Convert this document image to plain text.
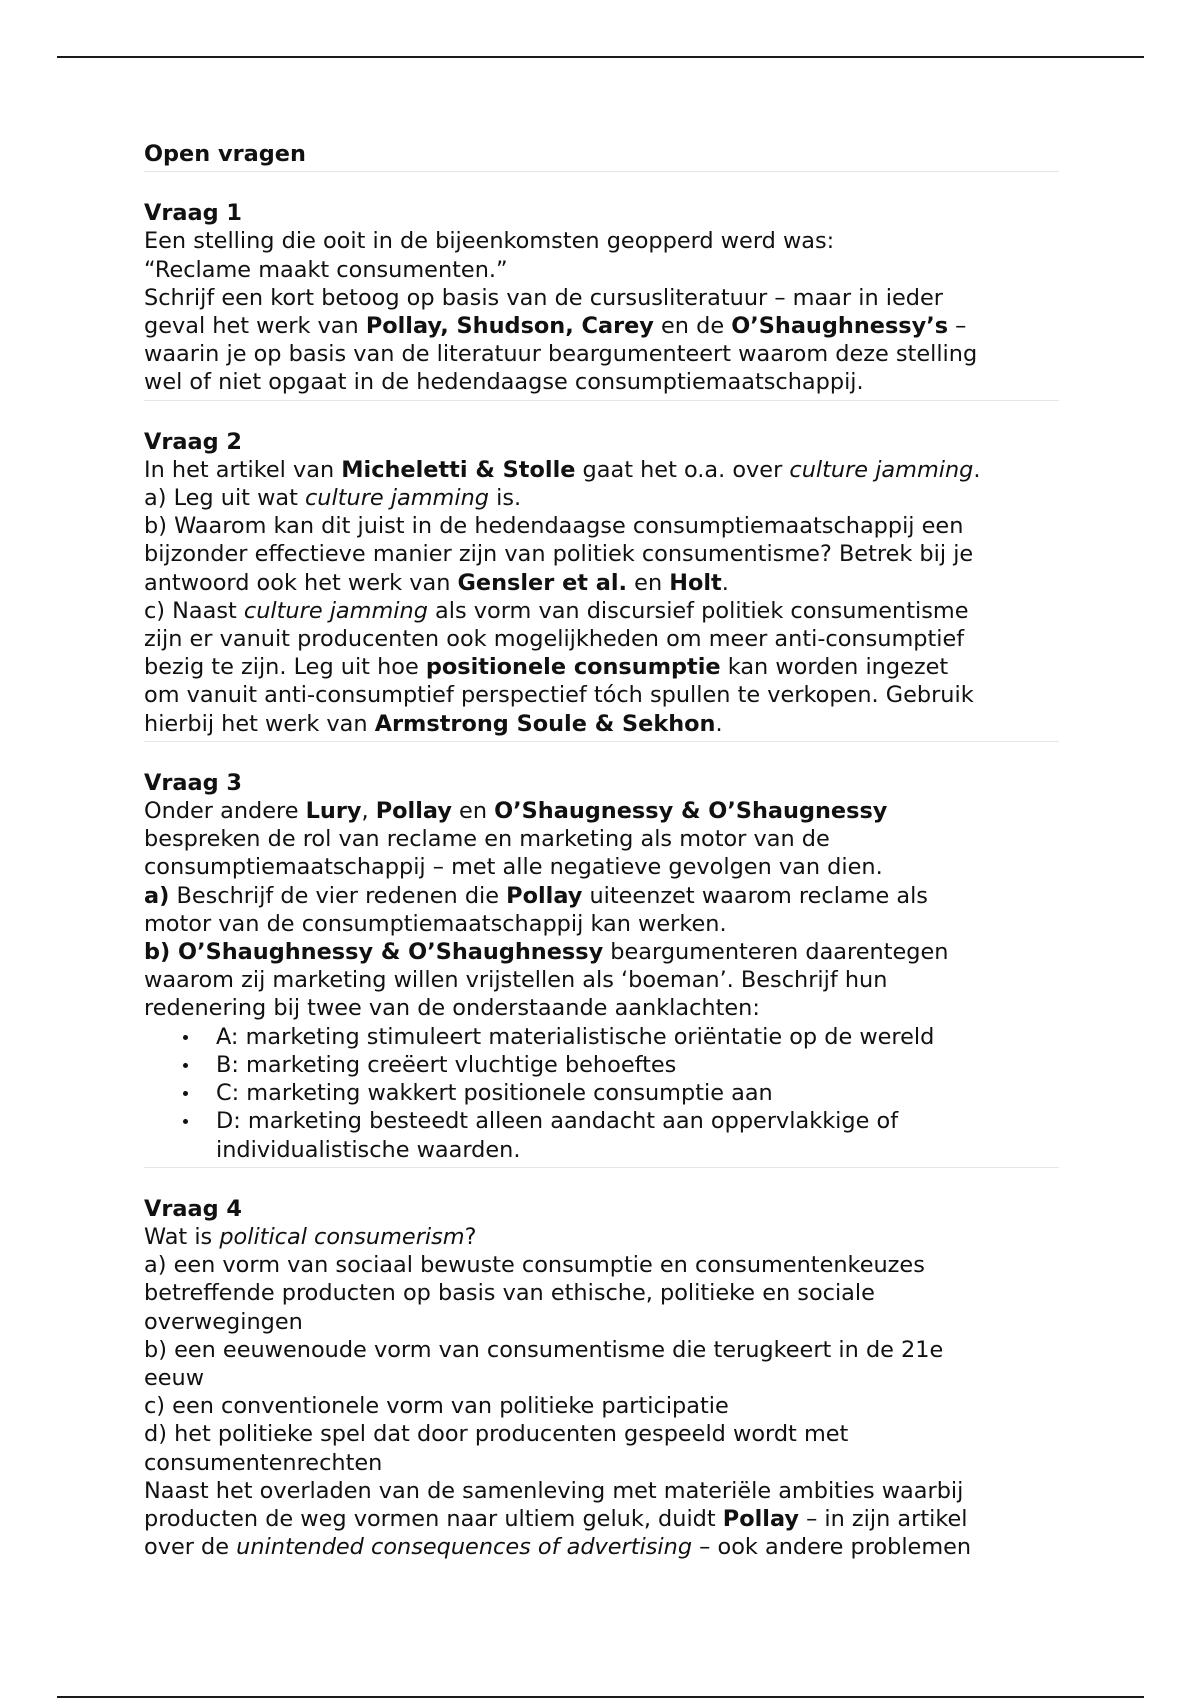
Open vragen
Vraag 1
Een stelling die ooit in de bijeenkomsten geopperd werd was:
“Reclame maakt consumenten.”
Schrijf een kort betoog op basis van de cursusliteratuur – maar in ieder
geval het werk van Pollay, Shudson, Carey en de O’Shaughnessy’s –
waarin je op basis van de literatuur beargumenteert waarom deze stelling
wel of niet opgaat in de hedendaagse consumptiemaatschappij.
Vraag 2
In het artikel van Micheletti & Stolle gaat het o.a. over culture jamming.
a) Leg uit wat culture jamming is.
b) Waarom kan dit juist in de hedendaagse consumptiemaatschappij een
bijzonder effectieve manier zijn van politiek consumentisme? Betrek bij je
antwoord ook het werk van Gensler et al. en Holt.
c) Naast culture jamming als vorm van discursief politiek consumentisme
zijn er vanuit producenten ook mogelijkheden om meer anti-consumptief
bezig te zijn. Leg uit hoe positionele consumptie kan worden ingezet
om vanuit anti-consumptief perspectief tóch spullen te verkopen. Gebruik
hierbij het werk van Armstrong Soule & Sekhon.
Vraag 3
Onder andere Lury, Pollay en O’Shaugnessy & O’Shaugnessy
bespreken de rol van reclame en marketing als motor van de
consumptiemaatschappij – met alle negatieve gevolgen van dien.
a) Beschrijf de vier redenen die Pollay uiteenzet waarom reclame als
motor van de consumptiemaatschappij kan werken.
b) O’Shaughnessy & O’Shaughnessy beargumenteren daarentegen
waarom zij marketing willen vrijstellen als ‘boeman’. Beschrijf hun
redenering bij twee van de onderstaande aanklachten:
A: marketing stimuleert materialistische oriëntatie op de wereld
B: marketing creëert vluchtige behoeftes
C: marketing wakkert positionele consumptie aan
D: marketing besteedt alleen aandacht aan oppervlakkige of
individualistische waarden.
Vraag 4
Wat is political consumerism?
a) een vorm van sociaal bewuste consumptie en consumentenkeuzes
betreffende producten op basis van ethische, politieke en sociale
overwegingen
b) een eeuwenoude vorm van consumentisme die terugkeert in de 21e
eeuw
c) een conventionele vorm van politieke participatie
d) het politieke spel dat door producenten gespeeld wordt met
consumentenrechten
Naast het overladen van de samenleving met materiële ambities waarbij
producten de weg vormen naar ultiem geluk, duidt Pollay – in zijn artikel
over de unintended consequences of advertising – ook andere problemen
